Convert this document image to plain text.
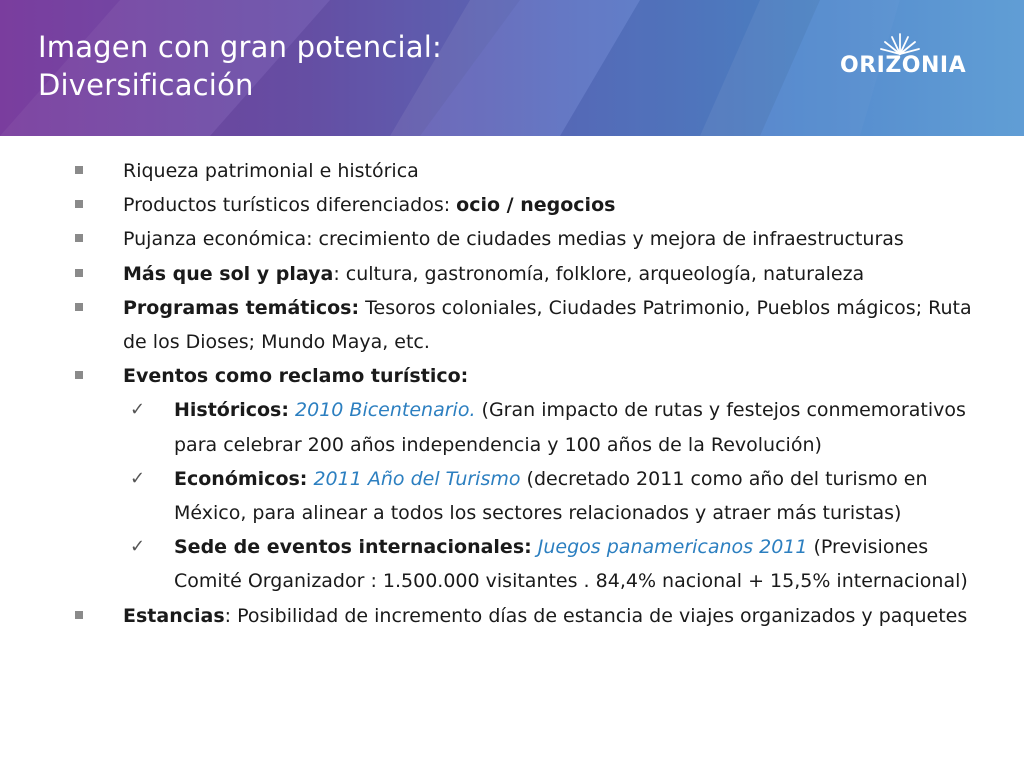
Imagen con gran potencial:
Diversificación
ORIZONIA
Riqueza patrimonial e histórica
Productos turísticos diferenciados: ocio / negocios
Pujanza económica: crecimiento de ciudades medias y mejora de infraestructuras
Más que sol y playa: cultura, gastronomía, folklore, arqueología, naturaleza
Programas temáticos: Tesoros coloniales, Ciudades Patrimonio, Pueblos mágicos; Ruta de los Dioses; Mundo Maya, etc.
Eventos como reclamo turístico:
✓ Históricos: 2010 Bicentenario. (Gran impacto de rutas y festejos conmemorativos para celebrar 200 años independencia y 100 años de la Revolución)
✓ Económicos: 2011 Año del Turismo (decretado 2011 como año del turismo en México, para alinear a todos los sectores relacionados y atraer más turistas)
✓ Sede de eventos internacionales: Juegos panamericanos 2011 (Previsiones Comité Organizador : 1.500.000 visitantes . 84,4% nacional + 15,5% internacional)
Estancias: Posibilidad de incremento días de estancia de viajes organizados y paquetes
